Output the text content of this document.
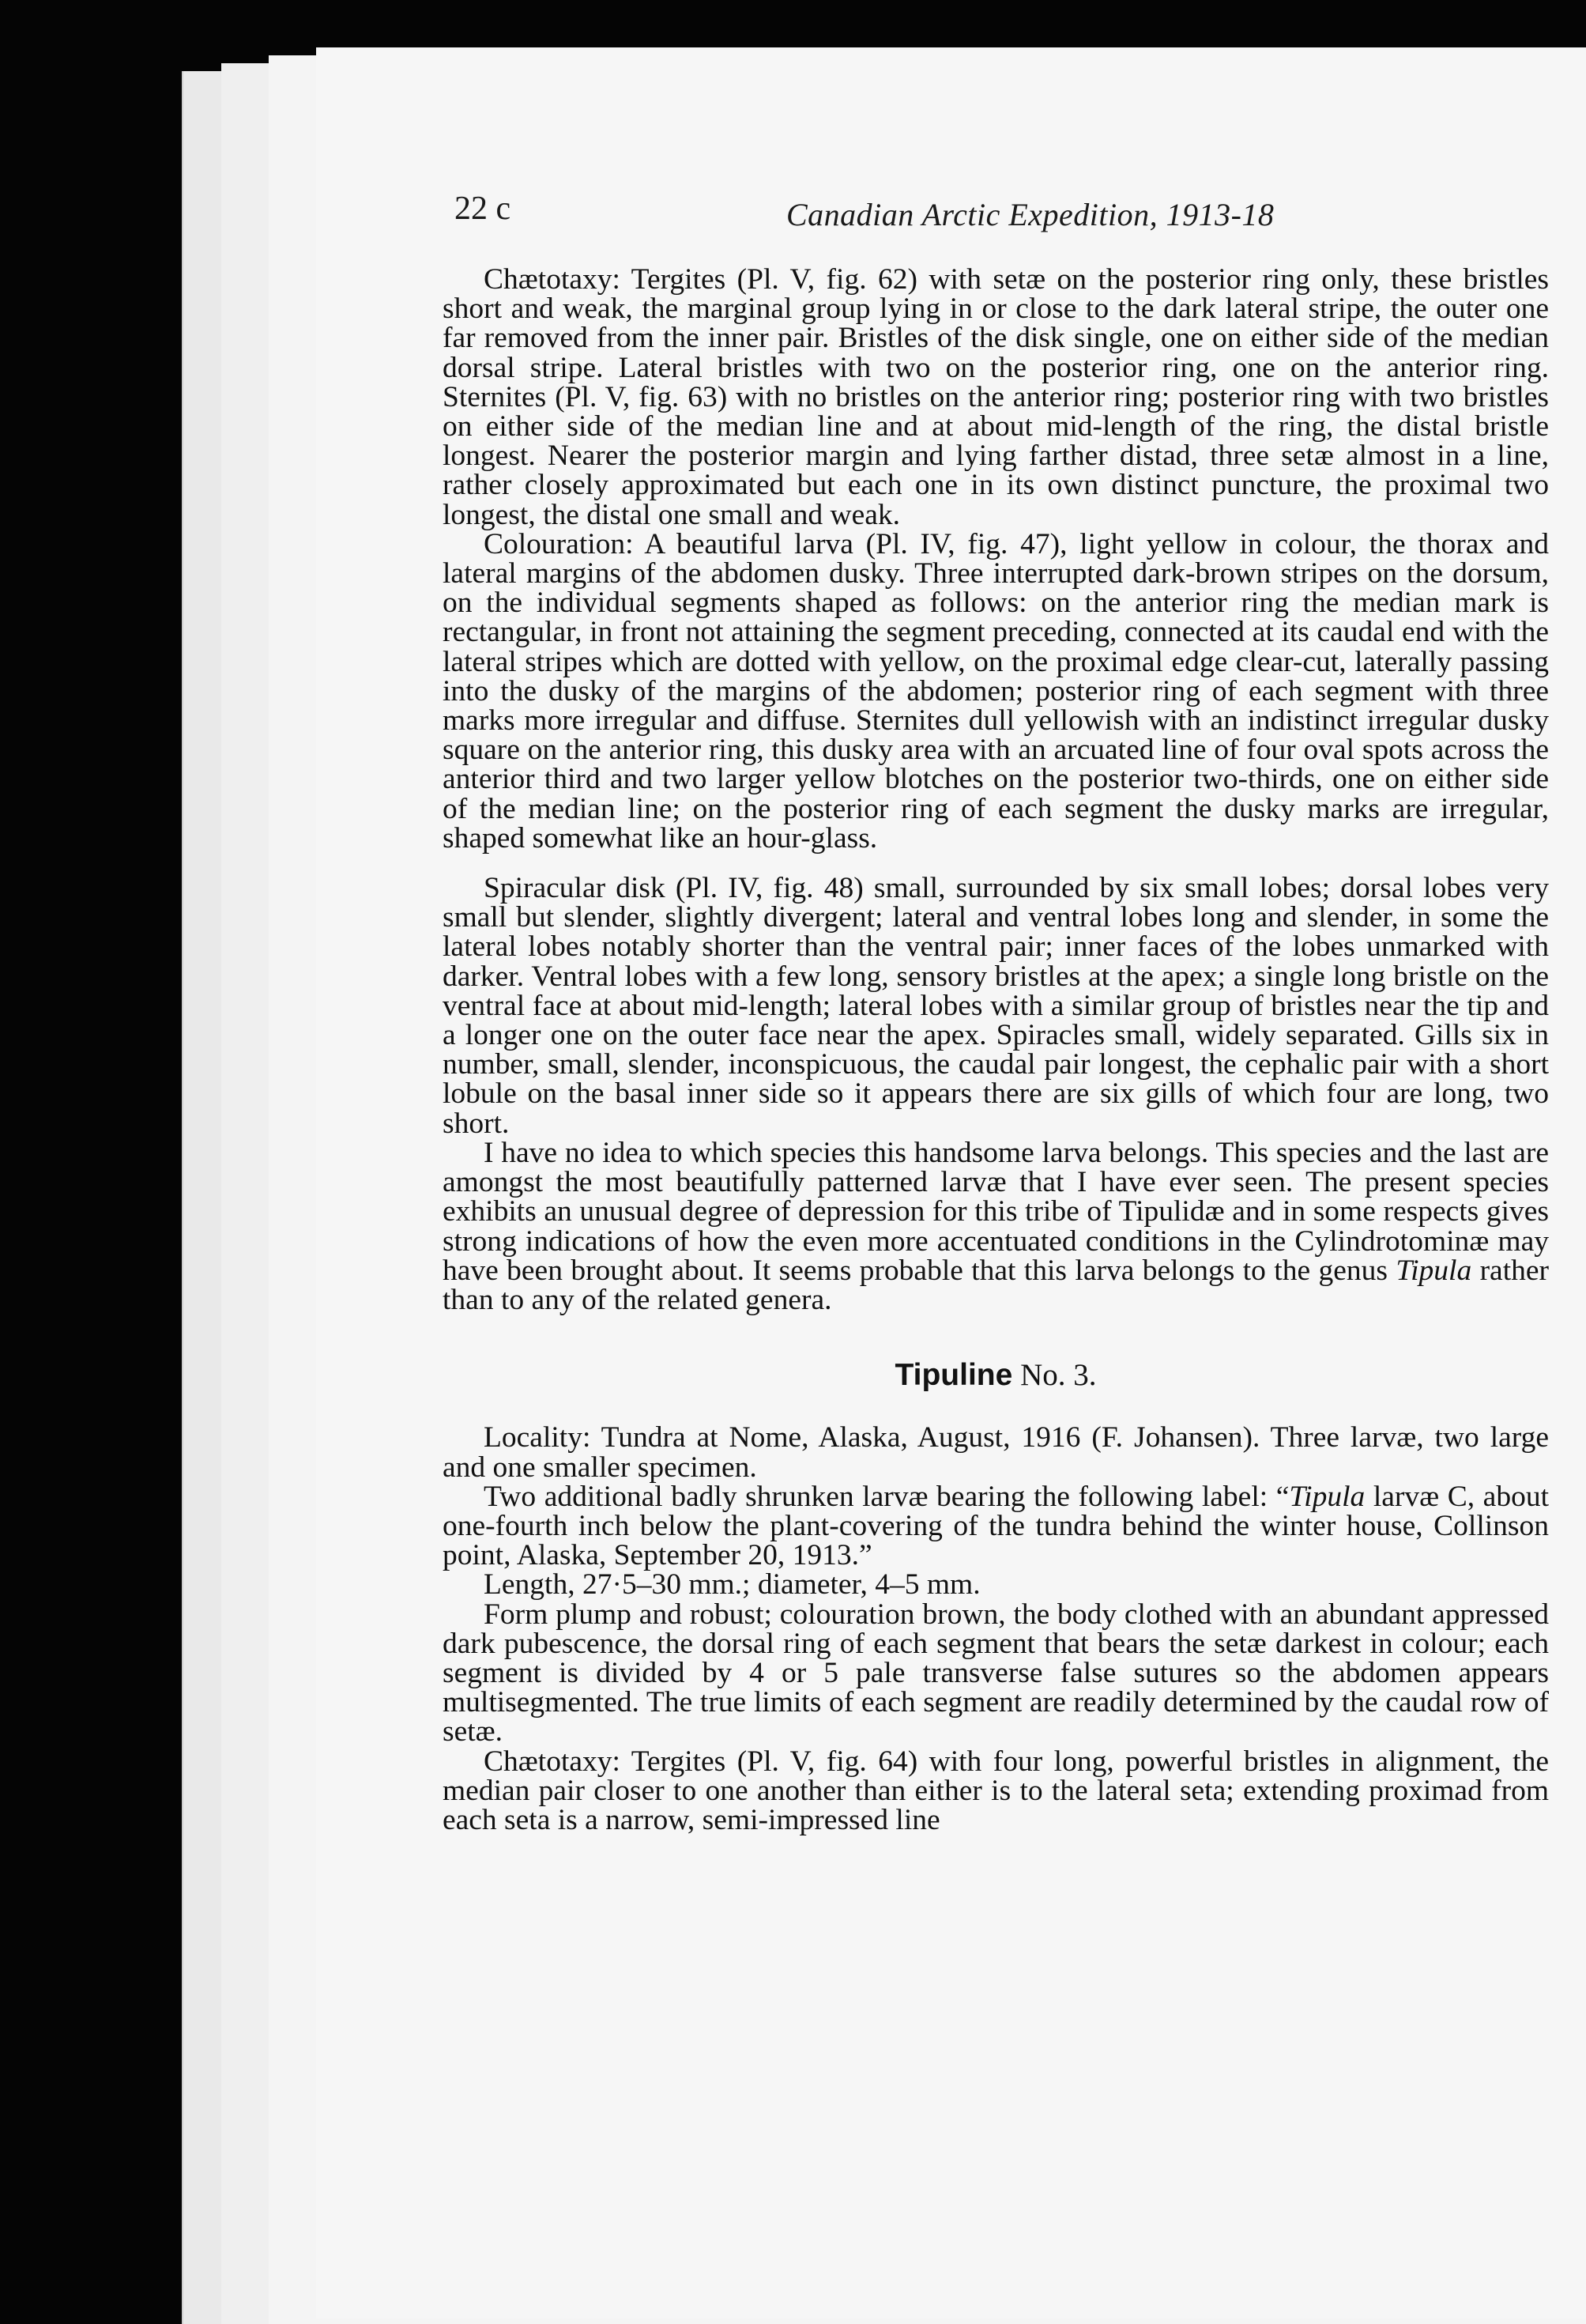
22 c	Canadian Arctic Expedition, 1913-18

Chætotaxy: Tergites (Pl. V, fig. 62) with setæ on the posterior ring only, these bristles short and weak, the marginal group lying in or close to the dark lateral stripe, the outer one far removed from the inner pair. Bristles of the disk single, one on either side of the median dorsal stripe. Lateral bristles with two on the posterior ring, one on the anterior ring. Sternites (Pl. V, fig. 63) with no bristles on the anterior ring; posterior ring with two bristles on either side of the median line and at about mid-length of the ring, the distal bristle longest. Nearer the posterior margin and lying farther distad, three setæ almost in a line, rather closely approximated but each one in its own distinct puncture, the proximal two longest, the distal one small and weak.

Colouration: A beautiful larva (Pl. IV, fig. 47), light yellow in colour, the thorax and lateral margins of the abdomen dusky. Three interrupted dark-brown stripes on the dorsum, on the individual segments shaped as follows: on the anterior ring the median mark is rectangular, in front not attaining the segment preceding, connected at its caudal end with the lateral stripes which are dotted with yellow, on the proximal edge clear-cut, laterally passing into the dusky of the margins of the abdomen; posterior ring of each segment with three marks more irregular and diffuse. Sternites dull yellowish with an indistinct irregular dusky square on the anterior ring, this dusky area with an arcuated line of four oval spots across the anterior third and two larger yellow blotches on the posterior two-thirds, one on either side of the median line; on the posterior ring of each segment the dusky marks are irregular, shaped somewhat like an hour-glass.

Spiracular disk (Pl. IV, fig. 48) small, surrounded by six small lobes; dorsal lobes very small but slender, slightly divergent; lateral and ventral lobes long and slender, in some the lateral lobes notably shorter than the ventral pair; inner faces of the lobes unmarked with darker. Ventral lobes with a few long, sensory bristles at the apex; a single long bristle on the ventral face at about mid-length; lateral lobes with a similar group of bristles near the tip and a longer one on the outer face near the apex. Spiracles small, widely separated. Gills six in number, small, slender, inconspicuous, the caudal pair longest, the cephalic pair with a short lobule on the basal inner side so it appears there are six gills of which four are long, two short.

I have no idea to which species this handsome larva belongs. This species and the last are amongst the most beautifully patterned larvæ that I have ever seen. The present species exhibits an unusual degree of depression for this tribe of Tipulidæ and in some respects gives strong indications of how the even more accentuated conditions in the Cylindrotominæ may have been brought about. It seems probable that this larva belongs to the genus Tipula rather than to any of the related genera.

Tipuline No. 3.

Locality: Tundra at Nome, Alaska, August, 1916 (F. Johansen). Three larvæ, two large and one smaller specimen.

Two additional badly shrunken larvæ bearing the following label: “Tipula larvæ C, about one-fourth inch below the plant-covering of the tundra behind the winter house, Collinson point, Alaska, September 20, 1913.”

Length, 27·5–30 mm.; diameter, 4–5 mm.

Form plump and robust; colouration brown, the body clothed with an abundant appressed dark pubescence, the dorsal ring of each segment that bears the setæ darkest in colour; each segment is divided by 4 or 5 pale transverse false sutures so the abdomen appears multisegmented. The true limits of each segment are readily determined by the caudal row of setæ.

Chætotaxy: Tergites (Pl. V, fig. 64) with four long, powerful bristles in alignment, the median pair closer to one another than either is to the lateral seta; extending proximad from each seta is a narrow, semi-impressed line
